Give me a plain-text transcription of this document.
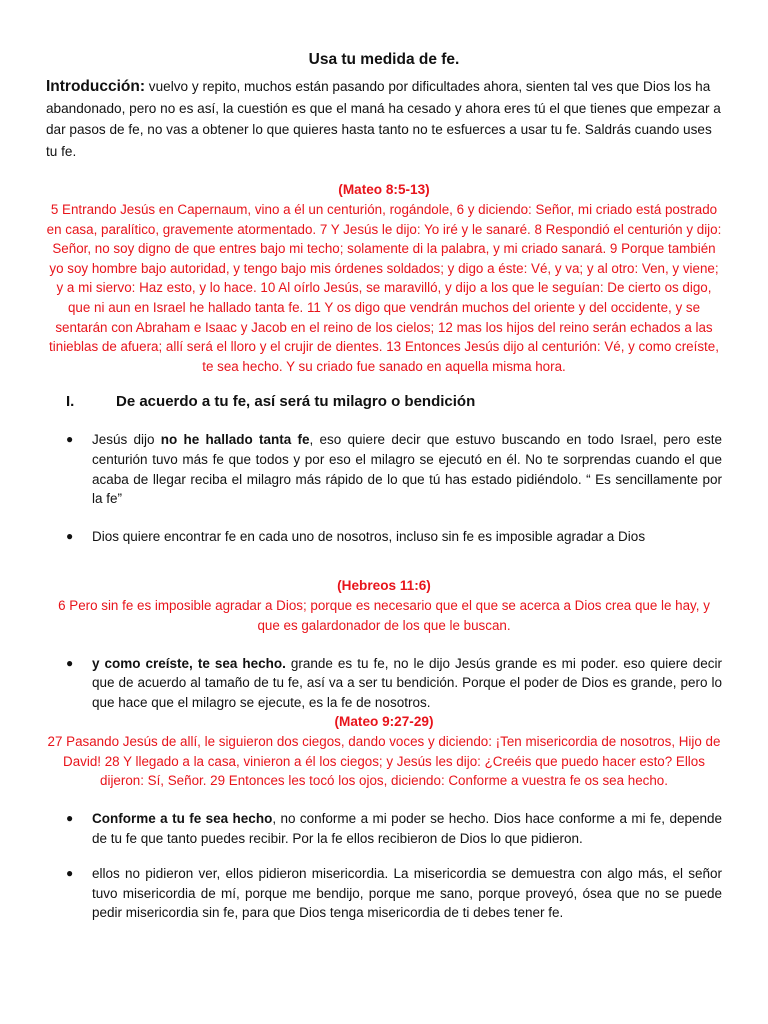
Usa tu medida de fe.

Introducción: vuelvo y repito, muchos están pasando por dificultades ahora, sienten tal ves que Dios los ha abandonado, pero no es así, la cuestión es que el maná ha cesado y ahora eres tú el que tienes que empezar a dar pasos de fe, no vas a obtener lo que quieres hasta tanto no te esfuerces a usar tu fe. Saldrás cuando uses tu fe.

(Mateo 8:5-13)

5 Entrando Jesús en Capernaum, vino a él un centurión, rogándole, 6 y diciendo: Señor, mi criado está postrado en casa, paralítico, gravemente atormentado. 7 Y Jesús le dijo: Yo iré y le sanaré. 8 Respondió el centurión y dijo: Señor, no soy digno de que entres bajo mi techo; solamente di la palabra, y mi criado sanará. 9 Porque también yo soy hombre bajo autoridad, y tengo bajo mis órdenes soldados; y digo a éste: Vé, y va; y al otro: Ven, y viene; y a mi siervo: Haz esto, y lo hace. 10 Al oírlo Jesús, se maravilló, y dijo a los que le seguían: De cierto os digo, que ni aun en Israel he hallado tanta fe. 11 Y os digo que vendrán muchos del oriente y del occidente, y se sentarán con Abraham e Isaac y Jacob en el reino de los cielos; 12 mas los hijos del reino serán echados a las tinieblas de afuera; allí será el lloro y el crujir de dientes. 13 Entonces Jesús dijo al centurión: Vé, y como creíste, te sea hecho. Y su criado fue sanado en aquella misma hora.

I.	De acuerdo a tu fe, así será tu milagro o bendición
●	Jesús dijo no he hallado tanta fe, eso quiere decir que estuvo buscando en todo Israel, pero este centurión tuvo más fe que todos y por eso el milagro se ejecutó en él. No te sorprendas cuando el que acaba de llegar reciba el milagro más rápido de lo que tú has estado pidiéndolo. “ Es sencillamente por la fe”
●	Dios quiere encontrar fe en cada uno de nosotros, incluso sin fe es imposible agradar a Dios

(Hebreos 11:6)

6 Pero sin fe es imposible agradar a Dios; porque es necesario que el que se acerca a Dios crea que le hay, y que es galardonador de los que le buscan.

●	y como creíste, te sea hecho. grande es tu fe, no le dijo Jesús grande es mi poder. eso quiere decir que de acuerdo al tamaño de tu fe, así va a ser tu bendición. Porque el poder de Dios es grande, pero lo que hace que el milagro se ejecute, es la fe de nosotros.

(Mateo 9:27-29)

27 Pasando Jesús de allí, le siguieron dos ciegos, dando voces y diciendo: ¡Ten misericordia de nosotros, Hijo de David! 28 Y llegado a la casa, vinieron a él los ciegos; y Jesús les dijo: ¿Creéis que puedo hacer esto? Ellos dijeron: Sí, Señor. 29 Entonces les tocó los ojos, diciendo: Conforme a vuestra fe os sea hecho.

●	Conforme a tu fe sea hecho, no conforme a mi poder se hecho. Dios hace conforme a mi fe, depende de tu fe que tanto puedes recibir. Por la fe ellos recibieron de Dios lo que pidieron.
●	ellos no pidieron ver, ellos pidieron misericordia. La misericordia se demuestra con algo más, el señor tuvo misericordia de mí, porque me bendijo, porque me sano, porque proveyó, ósea que no se puede pedir misericordia sin fe, para que Dios tenga misericordia de ti debes tener fe.
